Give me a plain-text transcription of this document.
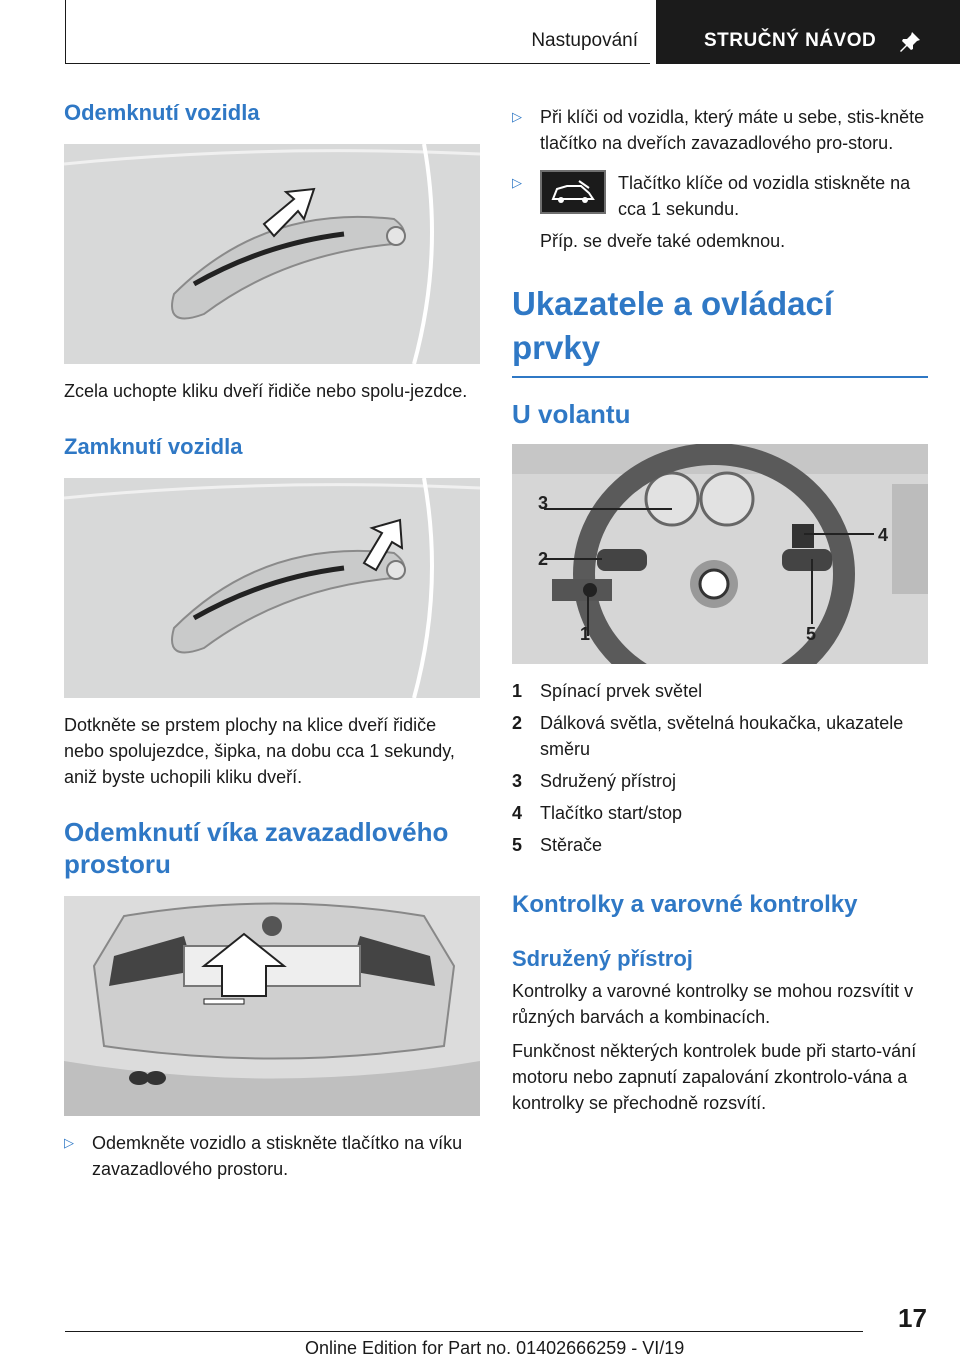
Nastupování	STRUČNÝ NÁVOD
Odemknutí vozidla
Zcela uchopte kliku dveří řidiče nebo spolu-jezdce.
Zamknutí vozidla
Dotkněte se prstem plochy na klice dveří řidiče nebo spolujezdce, šipka, na dobu cca 1 sekundy, aniž byste uchopili kliku dveří.
Odemknutí víka zavazadlového prostoru
▷	Odemkněte vozidlo a stiskněte tlačítko na víku zavazadlového prostoru.
▷	Při klíči od vozidla, který máte u sebe, stis-kněte tlačítko na dveřích zavazadlového pro-storu.
▷	Tlačítko klíče od vozidla stiskněte na cca 1 sekundu.
Příp. se dveře také odemknou.
Ukazatele a ovládací prvky
U volantu
1
2
3
4
5
1 Spínací prvek světel
2 Dálková světla, světelná houkačka, ukazatele směru
3 Sdružený přístroj
4 Tlačítko start/stop
5 Stěrače
Kontrolky a varovné kontrolky
Sdružený přístroj
Kontrolky a varovné kontrolky se mohou rozsvítit v různých barvách a kombinacích.
Funkčnost některých kontrolek bude při starto-vání motoru nebo zapnutí zapalování zkontrolo-vána a kontrolky se přechodně rozsvítí.
17
Online Edition for Part no. 01402666259 - VI/19
